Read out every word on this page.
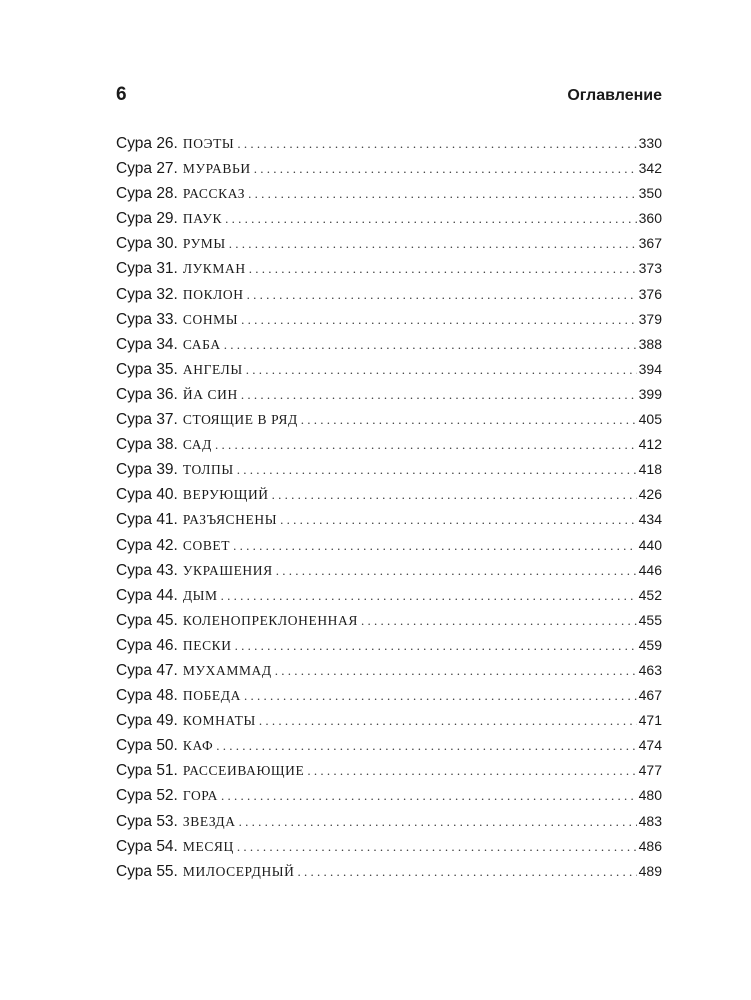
6	Оглавление
Сура 26. ПОЭТЫ . . .	330
Сура 27. МУРАВЬИ . . .	342
Сура 28. РАССКАЗ . . .	350
Сура 29. ПАУК . . .	360
Сура 30. РУМЫ . . .	367
Сура 31. ЛУКМАН . . .	373
Сура 32. ПОКЛОН . . .	376
Сура 33. СОНМЫ . . .	379
Сура 34. САБА . . .	388
Сура 35. АНГЕЛЫ . . .	394
Сура 36. ЙА СИН . . .	399
Сура 37. СТОЯЩИЕ В РЯД . . .	405
Сура 38. САД . . .	412
Сура 39. ТОЛПЫ . . .	418
Сура 40. ВЕРУЮЩИЙ . . .	426
Сура 41. РАЗЪЯСНЕНЫ . . .	434
Сура 42. СОВЕТ . . .	440
Сура 43. УКРАШЕНИЯ . . .	446
Сура 44. ДЫМ . . .	452
Сура 45. КОЛЕНОПРЕКЛОНЕННАЯ . . .	455
Сура 46. ПЕСКИ . . .	459
Сура 47. МУХАММАД . . .	463
Сура 48. ПОБЕДА . . .	467
Сура 49. КОМНАТЫ . . .	471
Сура 50. КАФ . . .	474
Сура 51. РАССЕИВАЮЩИЕ . . .	477
Сура 52. ГОРА . . .	480
Сура 53. ЗВЕЗДА . . .	483
Сура 54. МЕСЯЦ . . .	486
Сура 55. МИЛОСЕРДНЫЙ . . .	489
